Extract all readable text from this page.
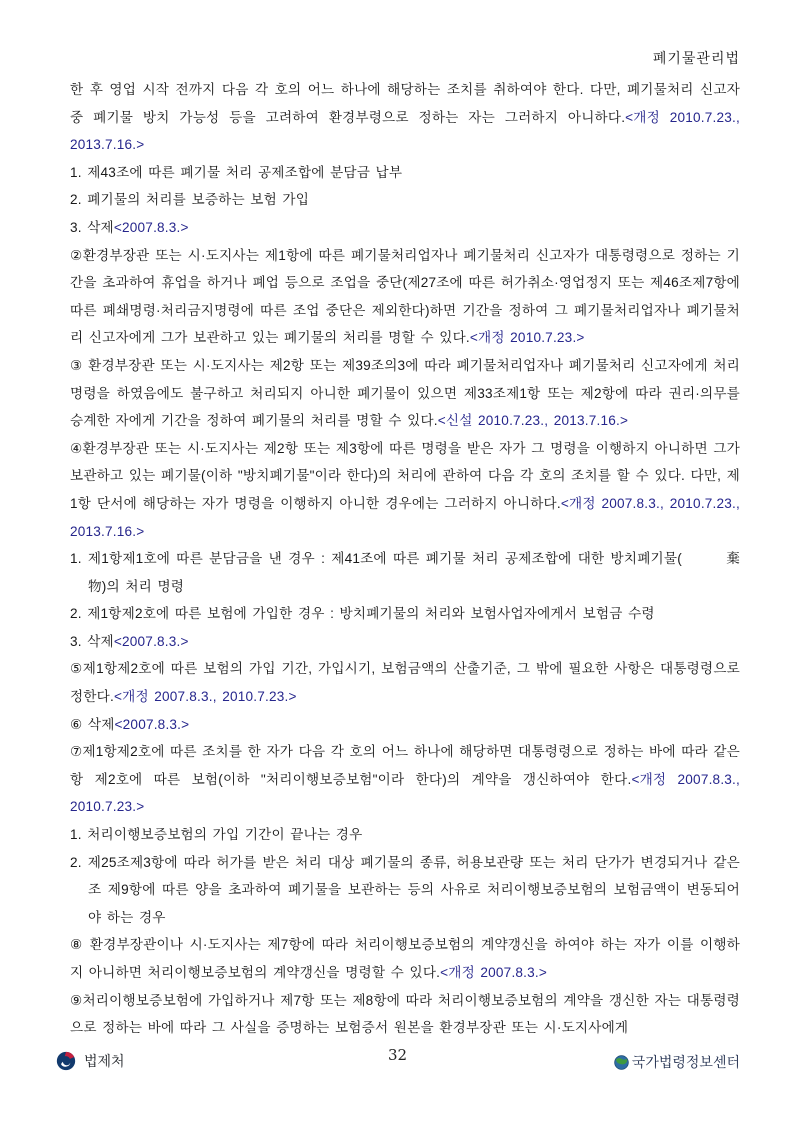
폐기물관리법
한 후 영업 시작 전까지 다음 각 호의 어느 하나에 해당하는 조치를 취하여야 한다. 다만, 폐기물처리 신고자 중 폐기물 방치 가능성 등을 고려하여 환경부령으로 정하는 자는 그러하지 아니하다.<개정 2010.7.23., 2013.7.16.>
1. 제43조에 따른 폐기물 처리 공제조합에 분담금 납부
2. 폐기물의 처리를 보증하는 보험 가입
3. 삭제<2007.8.3.>
②환경부장관 또는 시·도지사는 제1항에 따른 폐기물처리업자나 폐기물처리 신고자가 대통령령으로 정하는 기간을 초과하여 휴업을 하거나 폐업 등으로 조업을 중단(제27조에 따른 허가취소·영업정지 또는 제46조제7항에 따른 폐쇄명령·처리금지명령에 따른 조업 중단은 제외한다)하면 기간을 정하여 그 폐기물처리업자나 폐기물처리 신고자에게 그가 보관하고 있는 폐기물의 처리를 명할 수 있다.<개정 2010.7.23.>
③ 환경부장관 또는 시·도지사는 제2항 또는 제39조의3에 따라 폐기물처리업자나 폐기물처리 신고자에게 처리명령을 하였음에도 불구하고 처리되지 아니한 폐기물이 있으면 제33조제1항 또는 제2항에 따라 권리·의무를 승계한 자에게 기간을 정하여 폐기물의 처리를 명할 수 있다.<신설 2010.7.23., 2013.7.16.>
④환경부장관 또는 시·도지사는 제2항 또는 제3항에 따른 명령을 받은 자가 그 명령을 이행하지 아니하면 그가 보관하고 있는 폐기물(이하 "방치폐기물"이라 한다)의 처리에 관하여 다음 각 호의 조치를 할 수 있다. 다만, 제1항 단서에 해당하는 자가 명령을 이행하지 아니한 경우에는 그러하지 아니하다.<개정 2007.8.3., 2010.7.23., 2013.7.16.>
1. 제1항제1호에 따른 분담금을 낸 경우 : 제41조에 따른 폐기물 처리 공제조합에 대한 방치폐기물(　　　棄物)의 처리 명령
2. 제1항제2호에 따른 보험에 가입한 경우 : 방치폐기물의 처리와 보험사업자에게서 보험금 수령
3. 삭제<2007.8.3.>
⑤제1항제2호에 따른 보험의 가입 기간, 가입시기, 보험금액의 산출기준, 그 밖에 필요한 사항은 대통령령으로 정한다.<개정 2007.8.3., 2010.7.23.>
⑥ 삭제<2007.8.3.>
⑦제1항제2호에 따른 조치를 한 자가 다음 각 호의 어느 하나에 해당하면 대통령령으로 정하는 바에 따라 같은 항 제2호에 따른 보험(이하 "처리이행보증보험"이라 한다)의 계약을 갱신하여야 한다.<개정 2007.8.3., 2010.7.23.>
1. 처리이행보증보험의 가입 기간이 끝나는 경우
2. 제25조제3항에 따라 허가를 받은 처리 대상 폐기물의 종류, 허용보관량 또는 처리 단가가 변경되거나 같은 조 제9항에 따른 양을 초과하여 폐기물을 보관하는 등의 사유로 처리이행보증보험의 보험금액이 변동되어야 하는 경우
⑧ 환경부장관이나 시·도지사는 제7항에 따라 처리이행보증보험의 계약갱신을 하여야 하는 자가 이를 이행하지 아니하면 처리이행보증보험의 계약갱신을 명령할 수 있다.<개정 2007.8.3.>
⑨처리이행보증보험에 가입하거나 제7항 또는 제8항에 따라 처리이행보증보험의 계약을 갱신한 자는 대통령령으로 정하는 바에 따라 그 사실을 증명하는 보험증서 원본을 환경부장관 또는 시·도지사에게
법제처	32	국가법령정보센터
